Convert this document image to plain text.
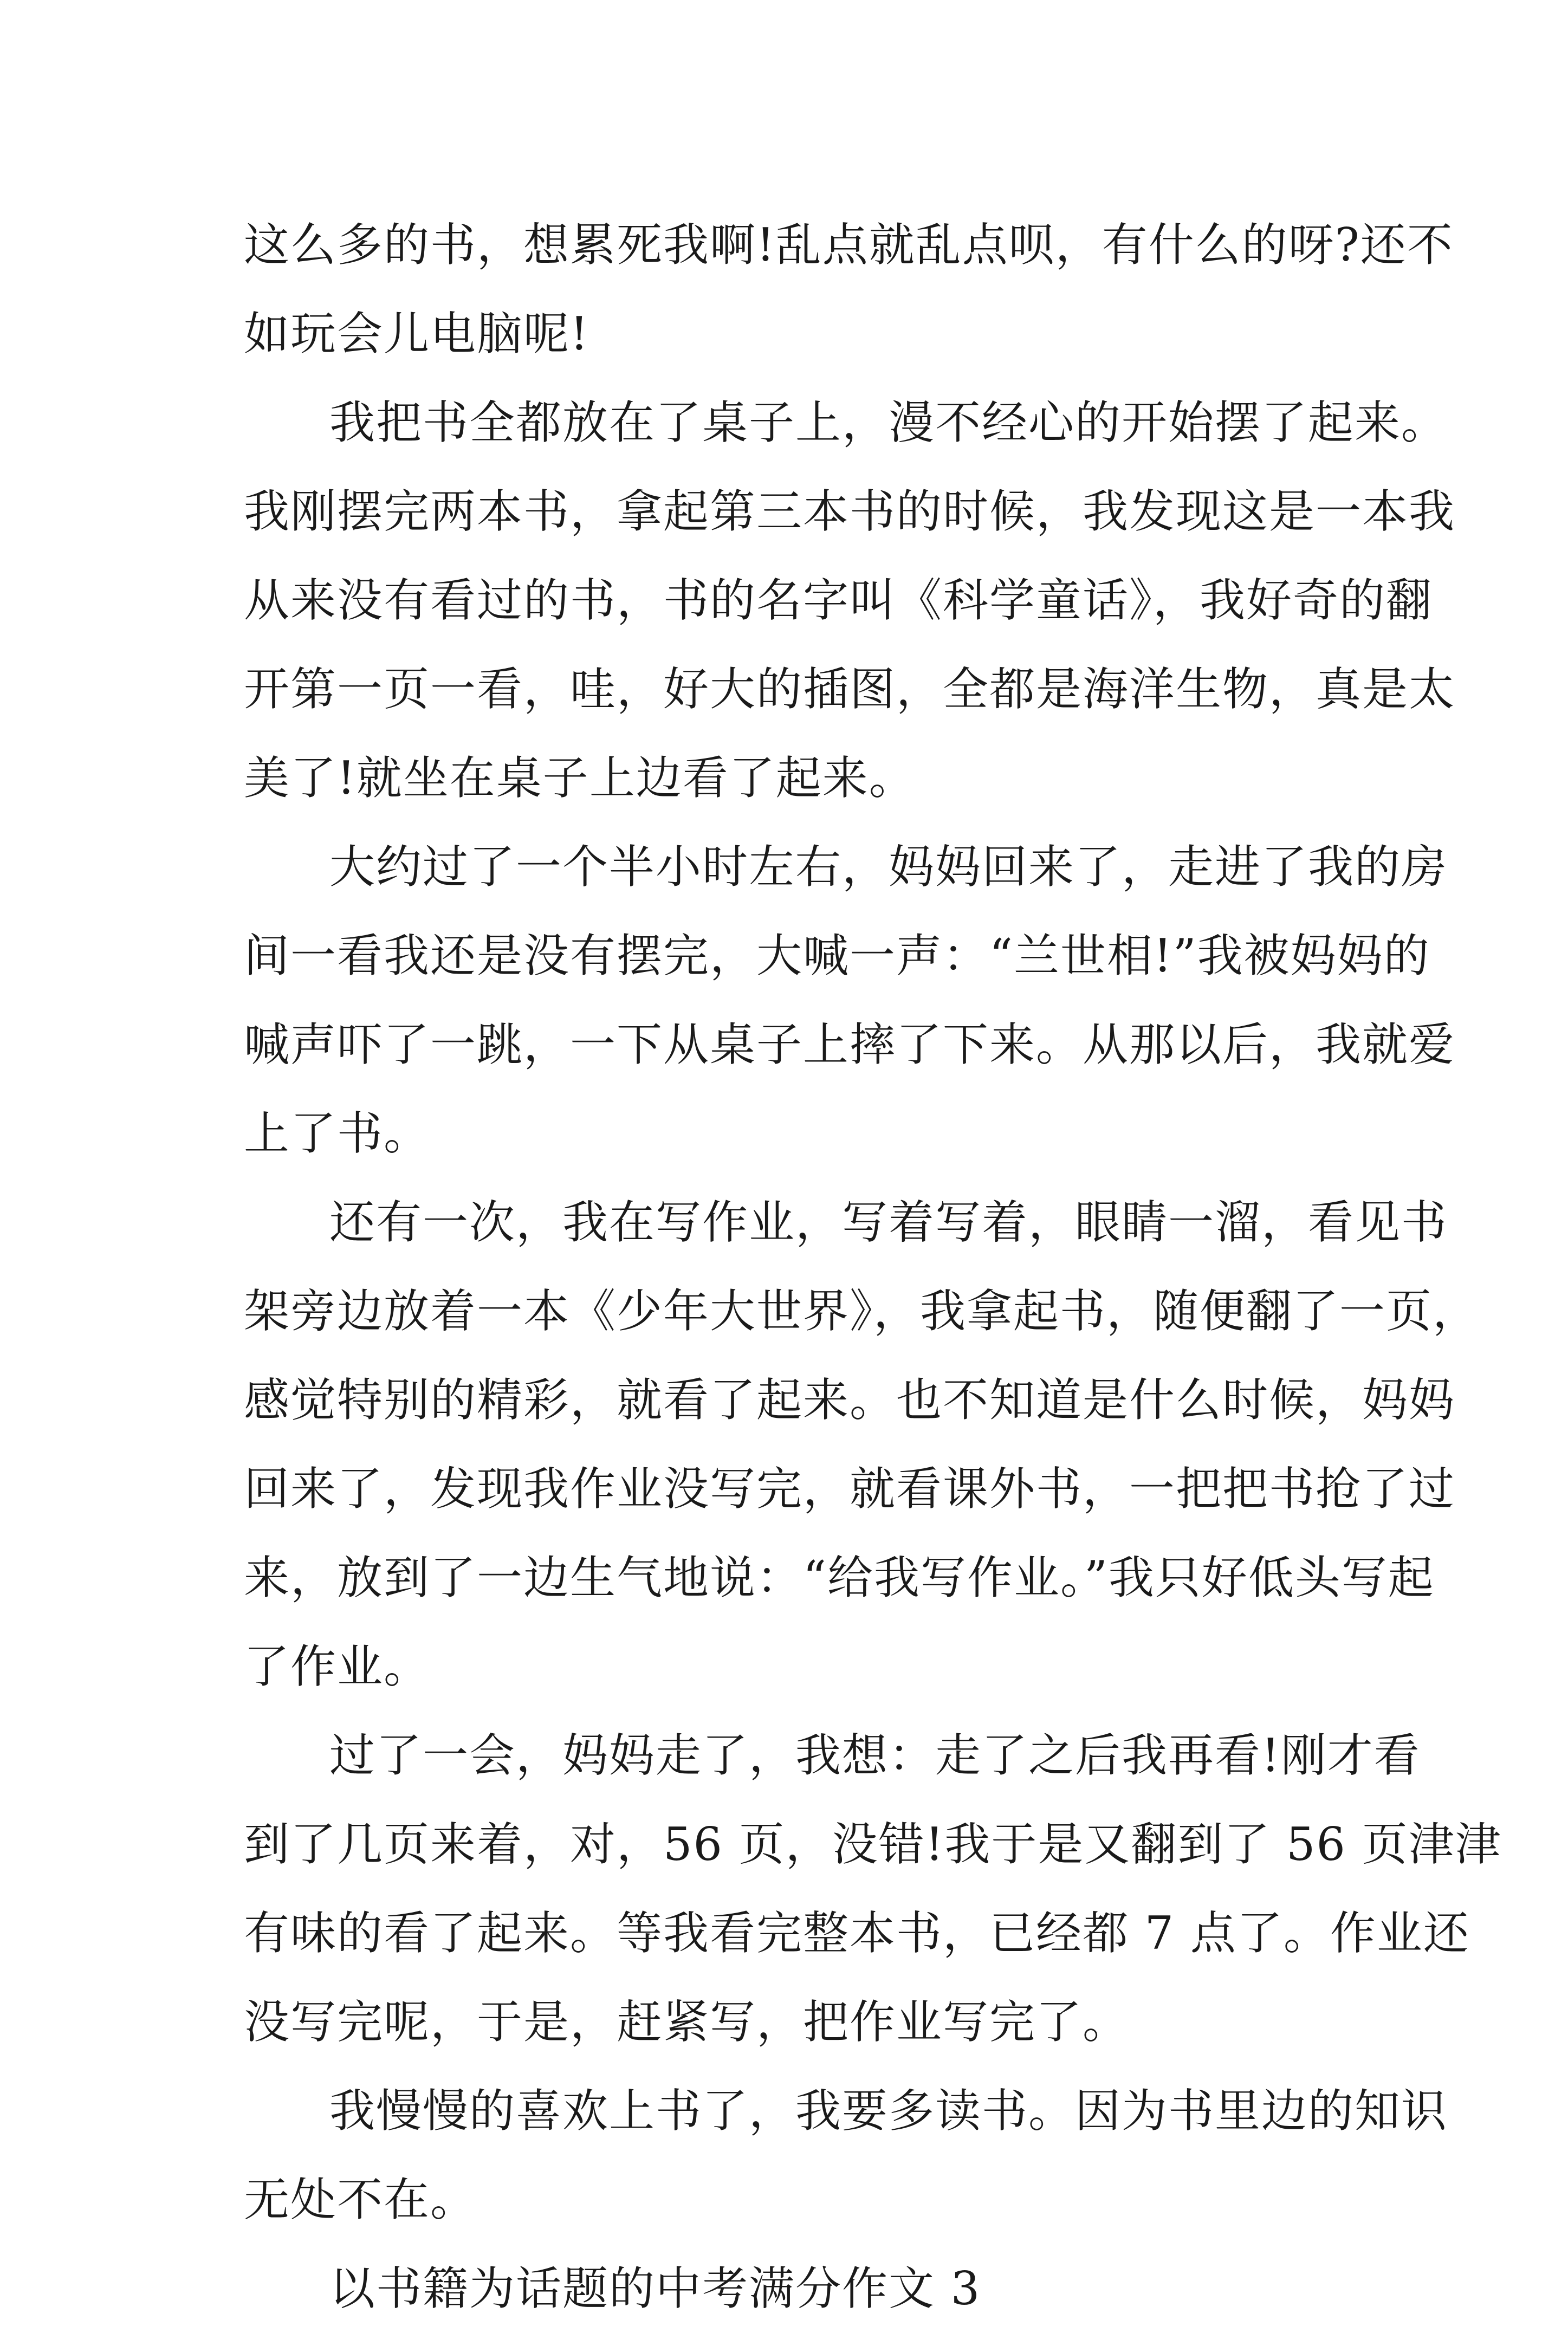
这么多的书，想累死我啊!乱点就乱点呗，有什么的呀?还不
如玩会儿电脑呢!
我把书全都放在了桌子上，漫不经心的开始摆了起来。
我刚摆完两本书，拿起第三本书的时候，我发现这是一本我
从来没有看过的书，书的名字叫《科学童话》，我好奇的翻
开第一页一看，哇，好大的插图，全都是海洋生物，真是太
美了!就坐在桌子上边看了起来。
大约过了一个半小时左右，妈妈回来了，走进了我的房
间一看我还是没有摆完，大喊一声：“兰世相!”我被妈妈的
喊声吓了一跳，一下从桌子上摔了下来。从那以后，我就爱
上了书。
还有一次，我在写作业，写着写着，眼睛一溜，看见书
架旁边放着一本《少年大世界》，我拿起书，随便翻了一页，
感觉特别的精彩，就看了起来。也不知道是什么时候，妈妈
回来了，发现我作业没写完，就看课外书，一把把书抢了过
来，放到了一边生气地说：“给我写作业。”我只好低头写起
了作业。
过了一会，妈妈走了，我想：走了之后我再看!刚才看
到了几页来着，对，56 页，没错!我于是又翻到了 56 页津津
有味的看了起来。等我看完整本书，已经都 7 点了。作业还
没写完呢，于是，赶紧写，把作业写完了。
我慢慢的喜欢上书了，我要多读书。因为书里边的知识
无处不在。
以书籍为话题的中考满分作文 3
